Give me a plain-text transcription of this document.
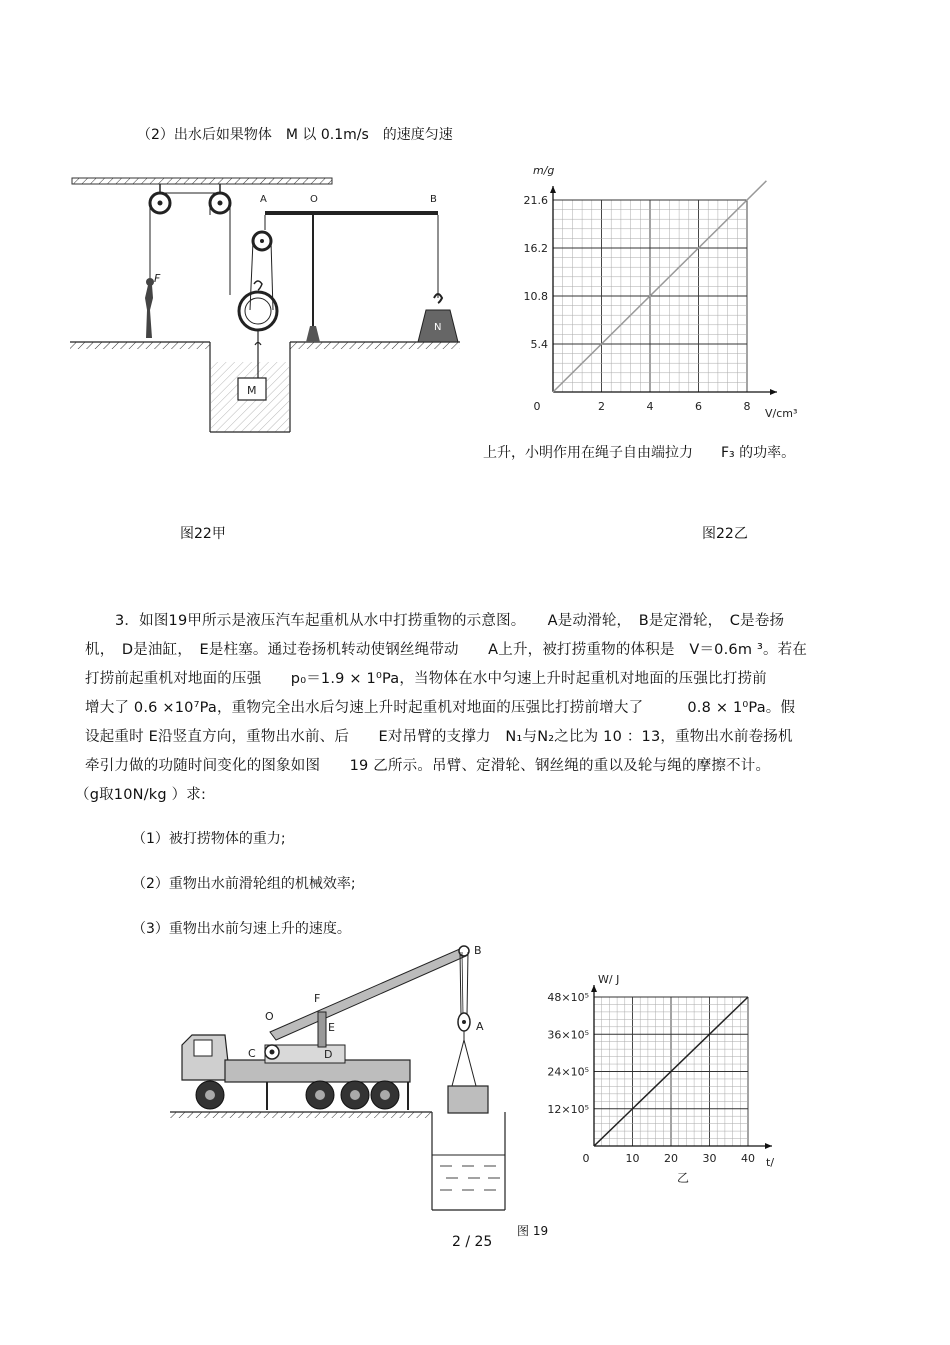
（2）出水后如果物体　M 以 0.1m/s　的速度匀速
F
A	O	B
M
N
0	2	4	6	8
5.4
10.8
16.2
21.6
m/g
V/cm³
上升，小明作用在绳子自由端拉力　　F₃ 的功率。
图22甲	图22乙
3．如图19甲所示是液压汽车起重机从水中打捞重物的示意图。　　A是动滑轮，　B是定滑轮，　C是卷扬
机，　D是油缸，　E是柱塞。通过卷扬机转动使钢丝绳带动　　A上升，被打捞重物的体积是　V＝0.6m ³。若在
打捞前起重机对地面的压强　　p₀＝1.9 × 1⁰Pa，当物体在水中匀速上升时起重机对地面的压强比打捞前
增大了 0.6 ×10⁷Pa，重物完全出水后匀速上升时起重机对地面的压强比打捞前增大了　　　0.8 × 1⁰Pa。假
设起重时 E沿竖直方向，重物出水前、后　　E对吊臂的支撑力　N₁与N₂之比为 10 ：13，重物出水前卷扬机
牵引力做的功随时间变化的图象如图　　19 乙所示。吊臂、定滑轮、钢丝绳的重以及轮与绳的摩擦不计。
（g取10N/kg ）求:
（1）被打捞物体的重力;
（2）重物出水前滑轮组的机械效率;
（3）重物出水前匀速上升的速度。
C
O
F
E
D
B
A
0	10 20 30 40
12×10⁵
24×10⁵
36×10⁵
48×10⁵
W/ J
t/
乙
图 19
2 / 25
